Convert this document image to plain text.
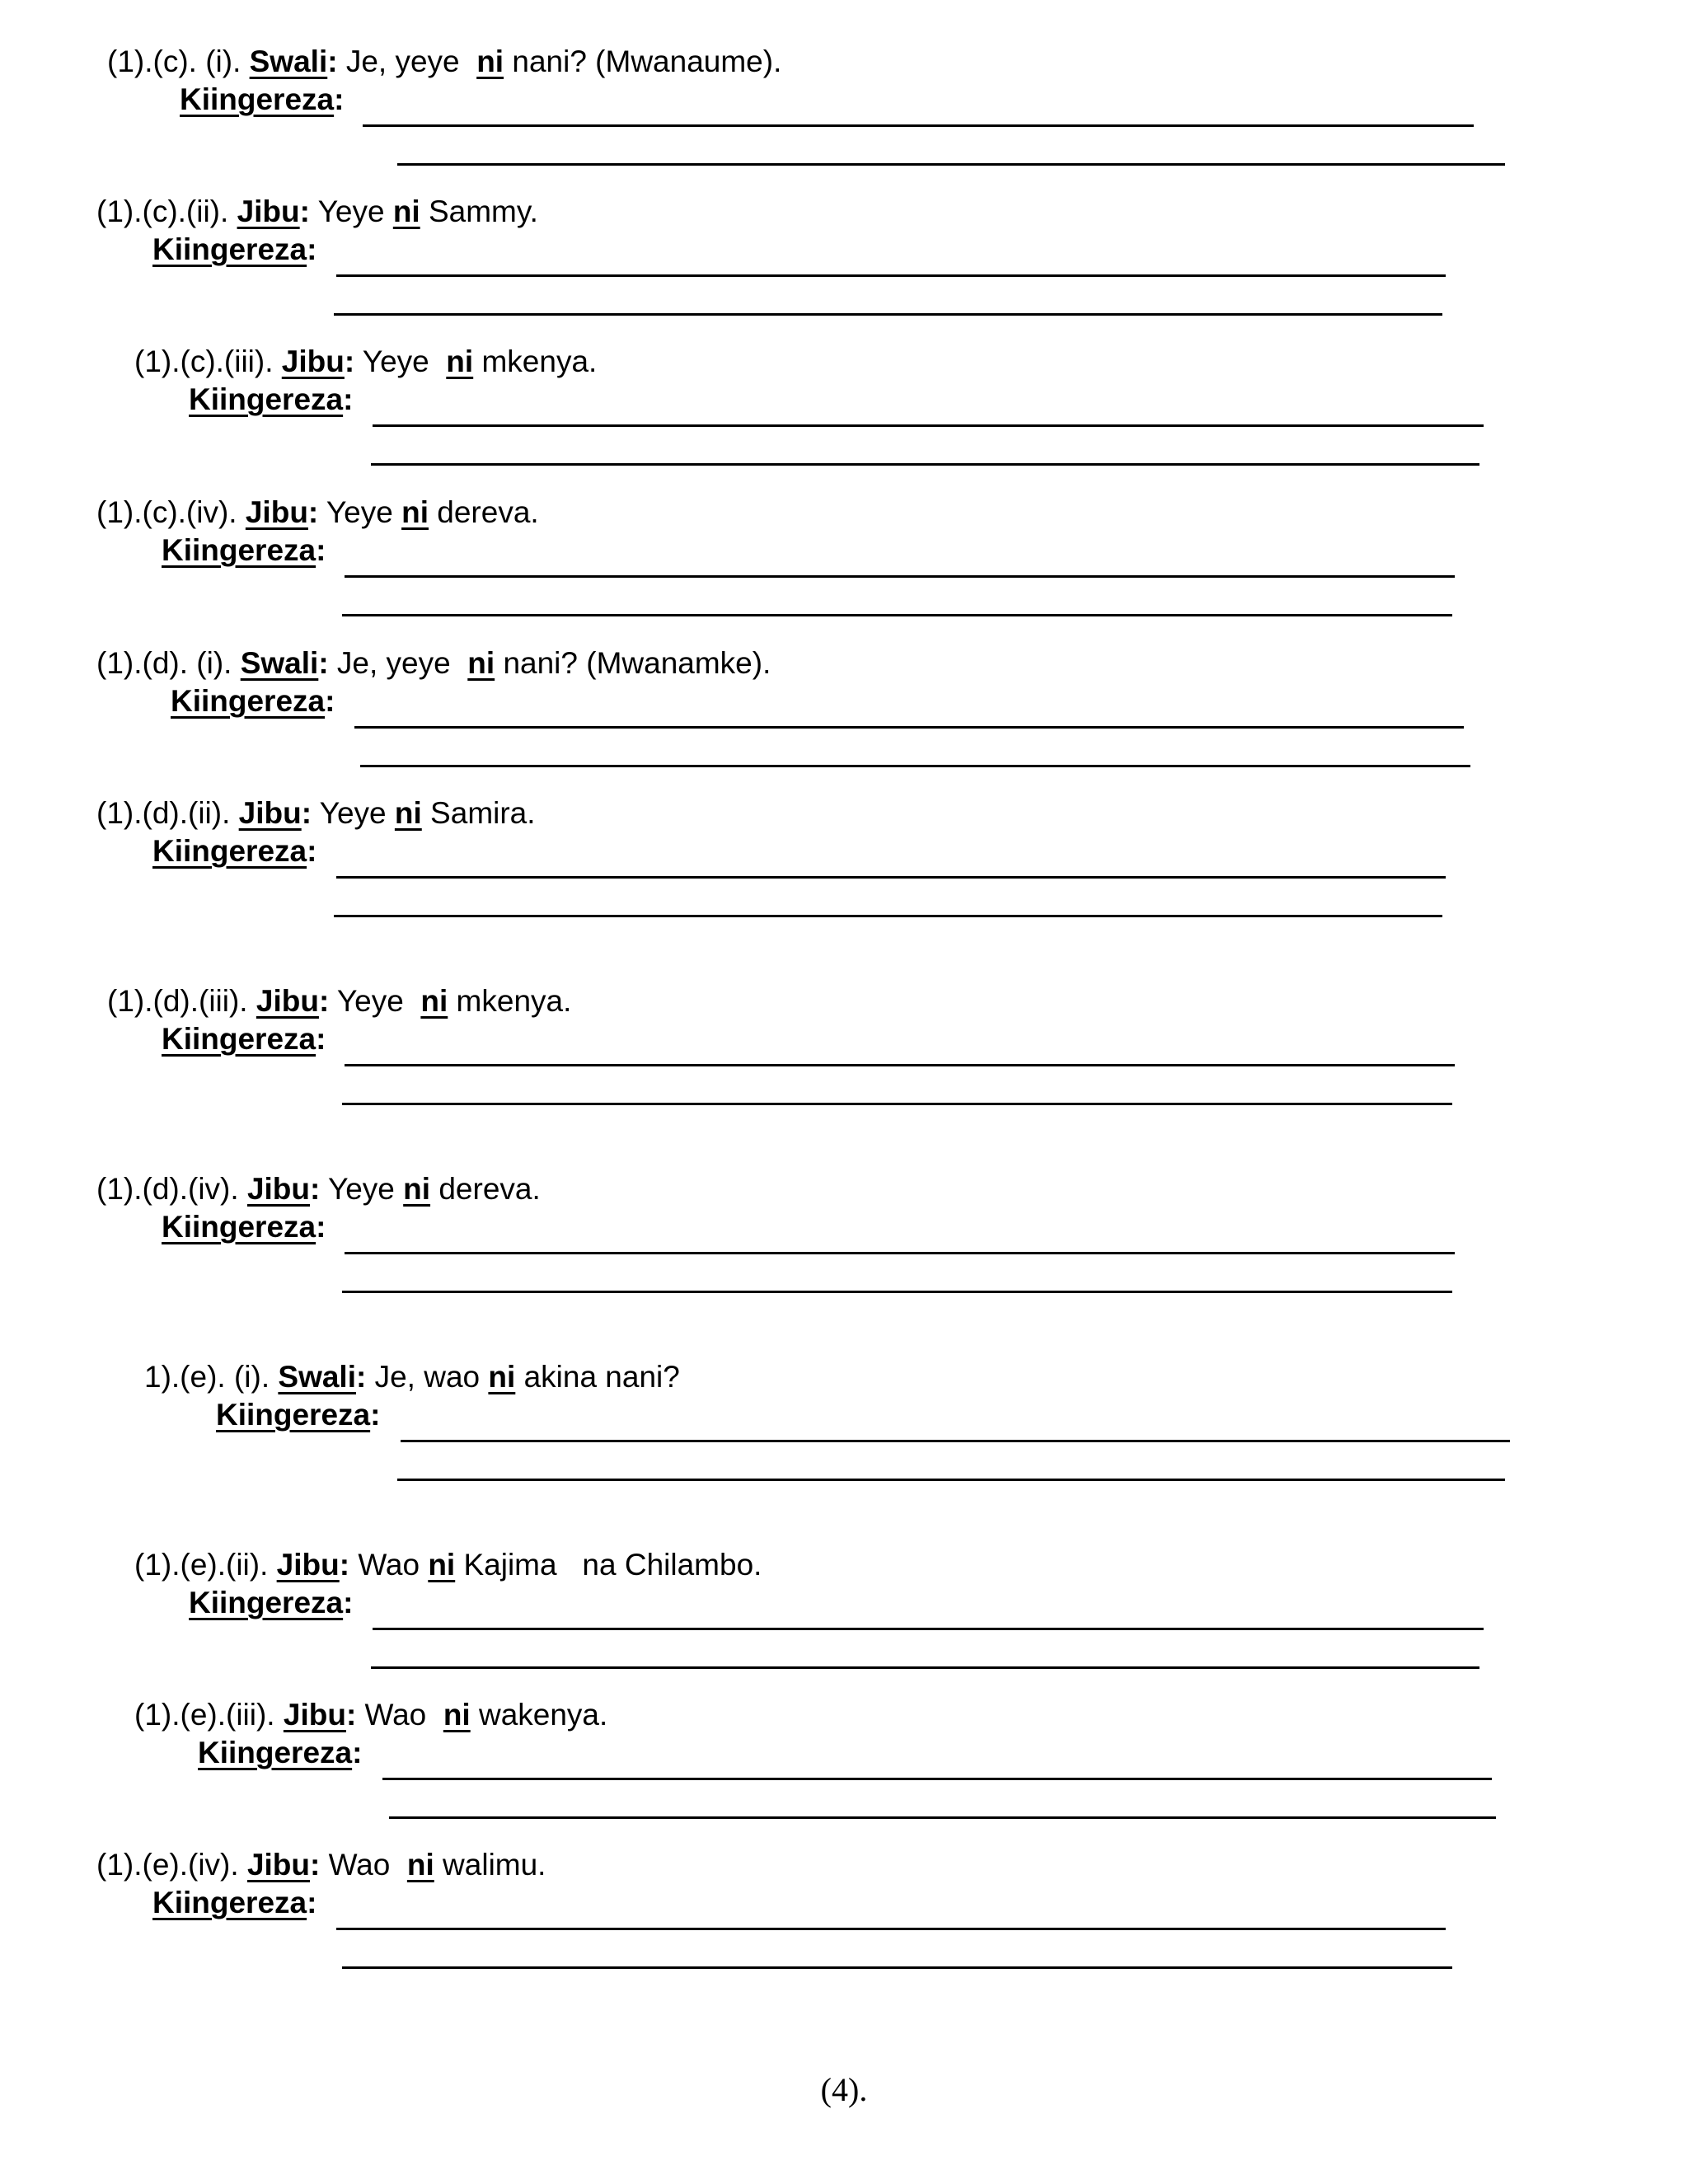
(1).(c). (i). Swali: Je, yeye  ni nani? (Mwanaume).
Kiingereza:
(1).(c).(ii). Jibu: Yeye ni Sammy.
Kiingereza:
(1).(c).(iii). Jibu: Yeye  ni mkenya.
Kiingereza:
(1).(c).(iv). Jibu: Yeye ni dereva.
Kiingereza:
(1).(d). (i). Swali: Je, yeye  ni nani? (Mwanamke).
Kiingereza:
(1).(d).(ii). Jibu: Yeye ni Samira.
Kiingereza:
(1).(d).(iii). Jibu: Yeye  ni mkenya.
Kiingereza:
(1).(d).(iv). Jibu: Yeye ni dereva.
Kiingereza:
1).(e). (i). Swali: Je, wao ni akina nani?
Kiingereza:
(1).(e).(ii). Jibu: Wao ni Kajima   na Chilambo.
Kiingereza:
(1).(e).(iii). Jibu: Wao  ni wakenya.
Kiingereza:
(1).(e).(iv). Jibu: Wao  ni walimu.
Kiingereza:
(4).
